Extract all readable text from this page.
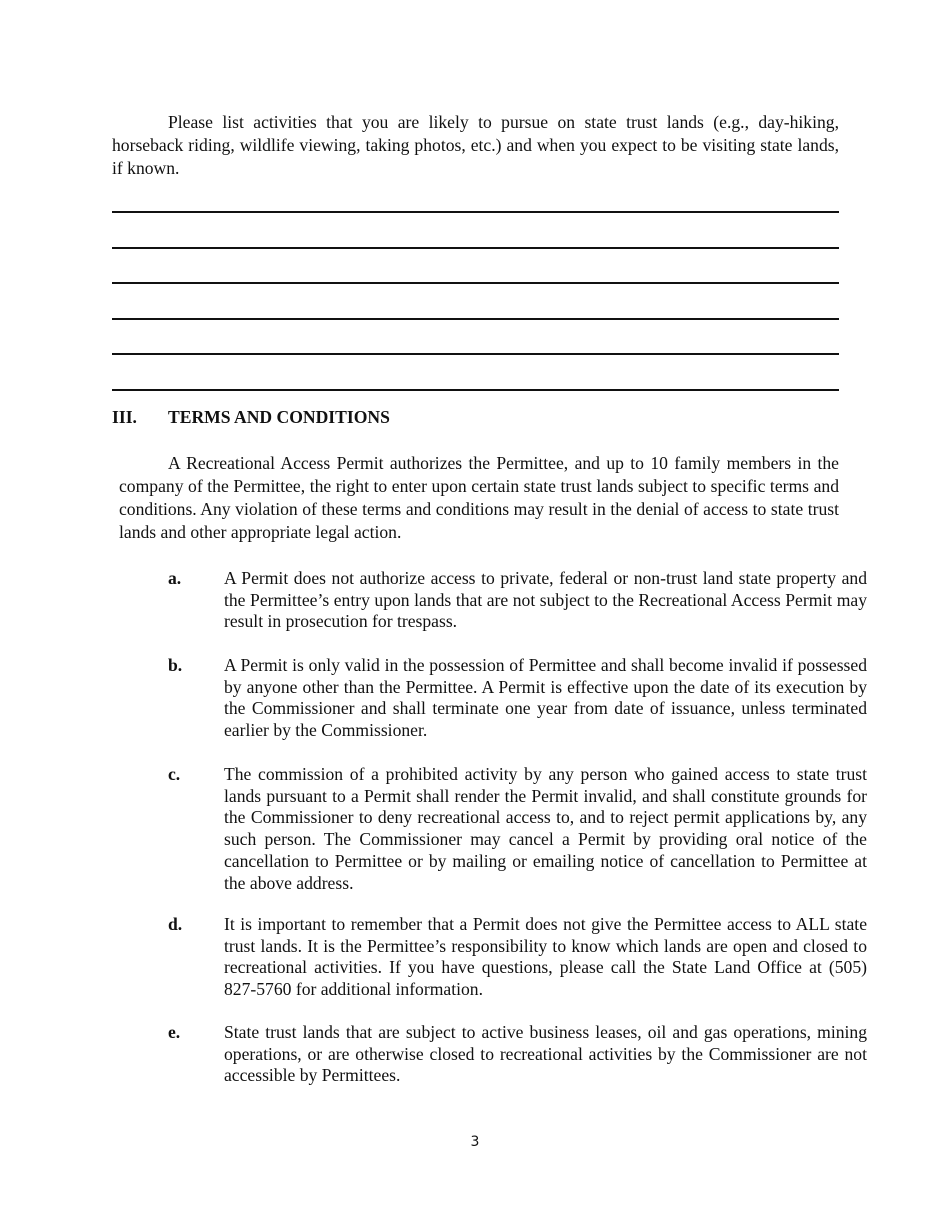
Please list activities that you are likely to pursue on state trust lands (e.g., day-hiking, horseback riding, wildlife viewing, taking photos, etc.) and when you expect to be visiting state lands, if known.

III. TERMS AND CONDITIONS

A Recreational Access Permit authorizes the Permittee, and up to 10 family members in the company of the Permittee, the right to enter upon certain state trust lands subject to specific terms and conditions. Any violation of these terms and conditions may result in the denial of access to state trust lands and other appropriate legal action.

a. A Permit does not authorize access to private, federal or non-trust land state property and the Permittee’s entry upon lands that are not subject to the Recreational Access Permit may result in prosecution for trespass.

b. A Permit is only valid in the possession of Permittee and shall become invalid if possessed by anyone other than the Permittee. A Permit is effective upon the date of its execution by the Commissioner and shall terminate one year from date of issuance, unless terminated earlier by the Commissioner.

c. The commission of a prohibited activity by any person who gained access to state trust lands pursuant to a Permit shall render the Permit invalid, and shall constitute grounds for the Commissioner to deny recreational access to, and to reject permit applications by, any such person. The Commissioner may cancel a Permit by providing oral notice of the cancellation to Permittee or by mailing or emailing notice of cancellation to Permittee at the above address.

d. It is important to remember that a Permit does not give the Permittee access to ALL state trust lands. It is the Permittee’s responsibility to know which lands are open and closed to recreational activities. If you have questions, please call the State Land Office at (505) 827-5760 for additional information.

e. State trust lands that are subject to active business leases, oil and gas operations, mining operations, or are otherwise closed to recreational activities by the Commissioner are not accessible by Permittees.

3
